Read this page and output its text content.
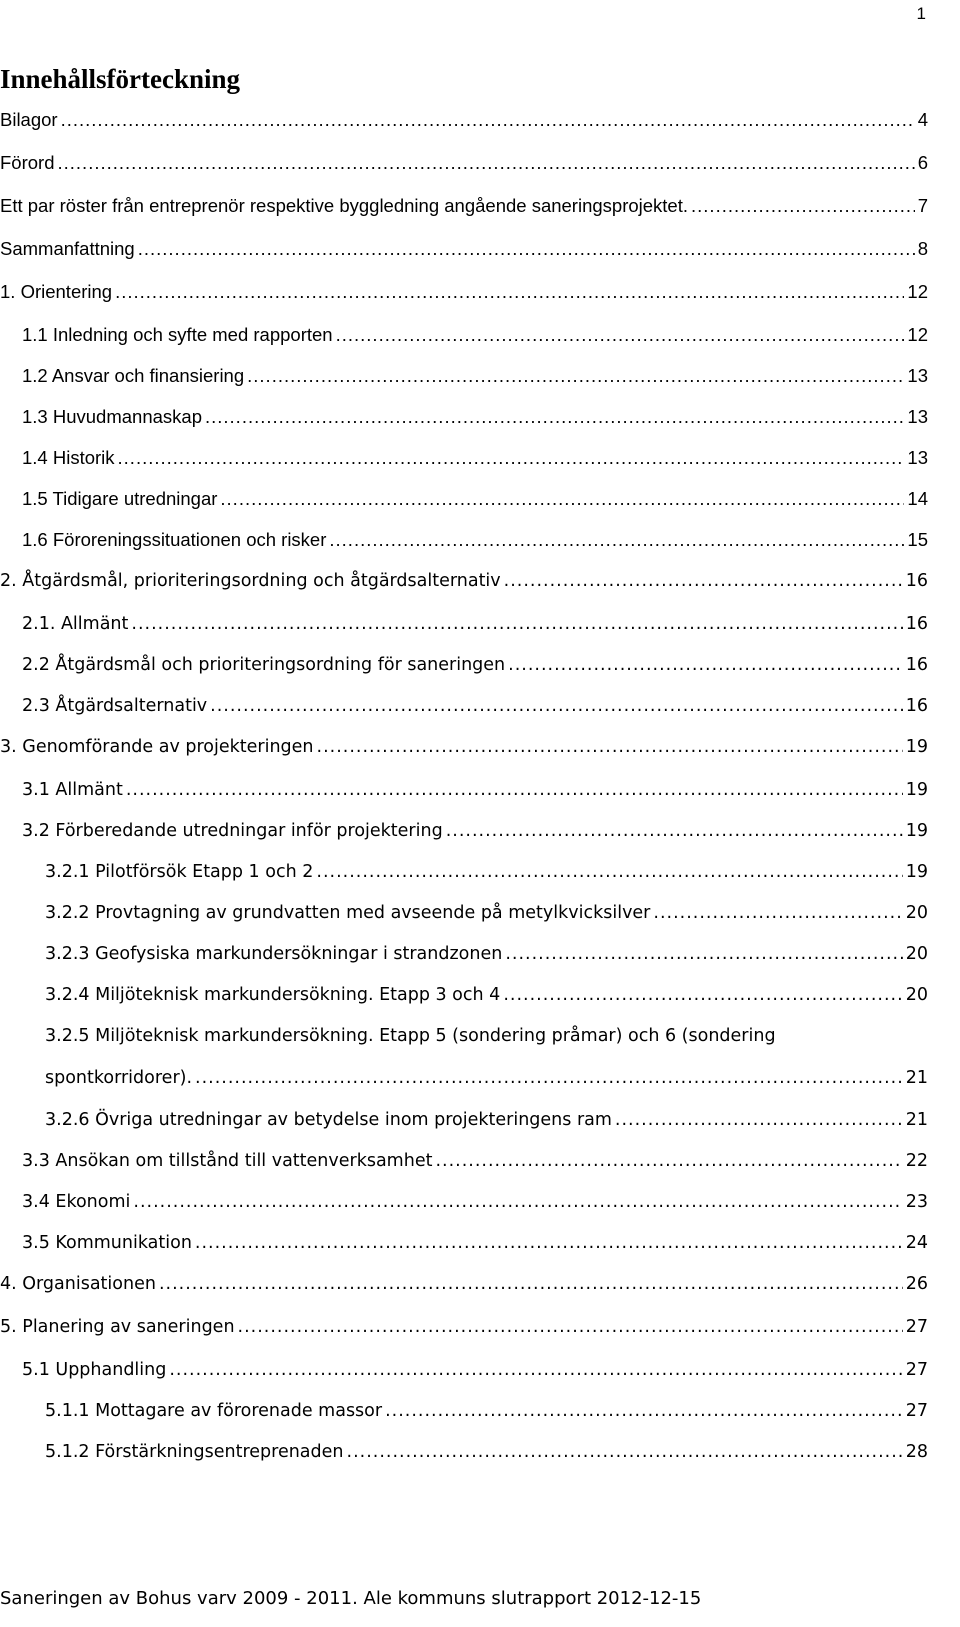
1
Innehållsförteckning
Bilagor .....	4
Förord .....	6
Ett par röster från entreprenör respektive byggledning angående saneringsprojektet. .....	7
Sammanfattning .....	8
1. Orientering .....	12
1.1 Inledning och syfte med rapporten .....	12
1.2 Ansvar och finansiering .....	13
1.3 Huvudmannaskap .....	13
1.4 Historik .....	13
1.5 Tidigare utredningar .....	14
1.6 Föroreningssituationen och risker .....	15
2. Åtgärdsmål, prioriteringsordning och åtgärdsalternativ .....	16
2.1. Allmänt .....	16
2.2 Åtgärdsmål och prioriteringsordning för saneringen .....	16
2.3 Åtgärdsalternativ .....	16
3. Genomförande av projekteringen .....	19
3.1 Allmänt .....	19
3.2 Förberedande utredningar inför projektering .....	19
3.2.1 Pilotförsök Etapp 1 och 2 .....	19
3.2.2 Provtagning av grundvatten med avseende på metylkvicksilver .....	20
3.2.3 Geofysiska markundersökningar i strandzonen .....	20
3.2.4 Miljöteknisk markundersökning. Etapp 3 och 4 .....	20
3.2.5 Miljöteknisk markundersökning. Etapp 5 (sondering pråmar) och 6 (sondering
spontkorridorer). .....	21
3.2.6 Övriga utredningar av betydelse inom projekteringens ram .....	21
3.3 Ansökan om tillstånd till vattenverksamhet .....	22
3.4 Ekonomi .....	23
3.5 Kommunikation .....	24
4. Organisationen .....	26
5. Planering av saneringen .....	27
5.1 Upphandling .....	27
5.1.1 Mottagare av förorenade massor .....	27
5.1.2 Förstärkningsentreprenaden .....	28
Saneringen av Bohus varv 2009 - 2011. Ale kommuns slutrapport 2012-12-15
